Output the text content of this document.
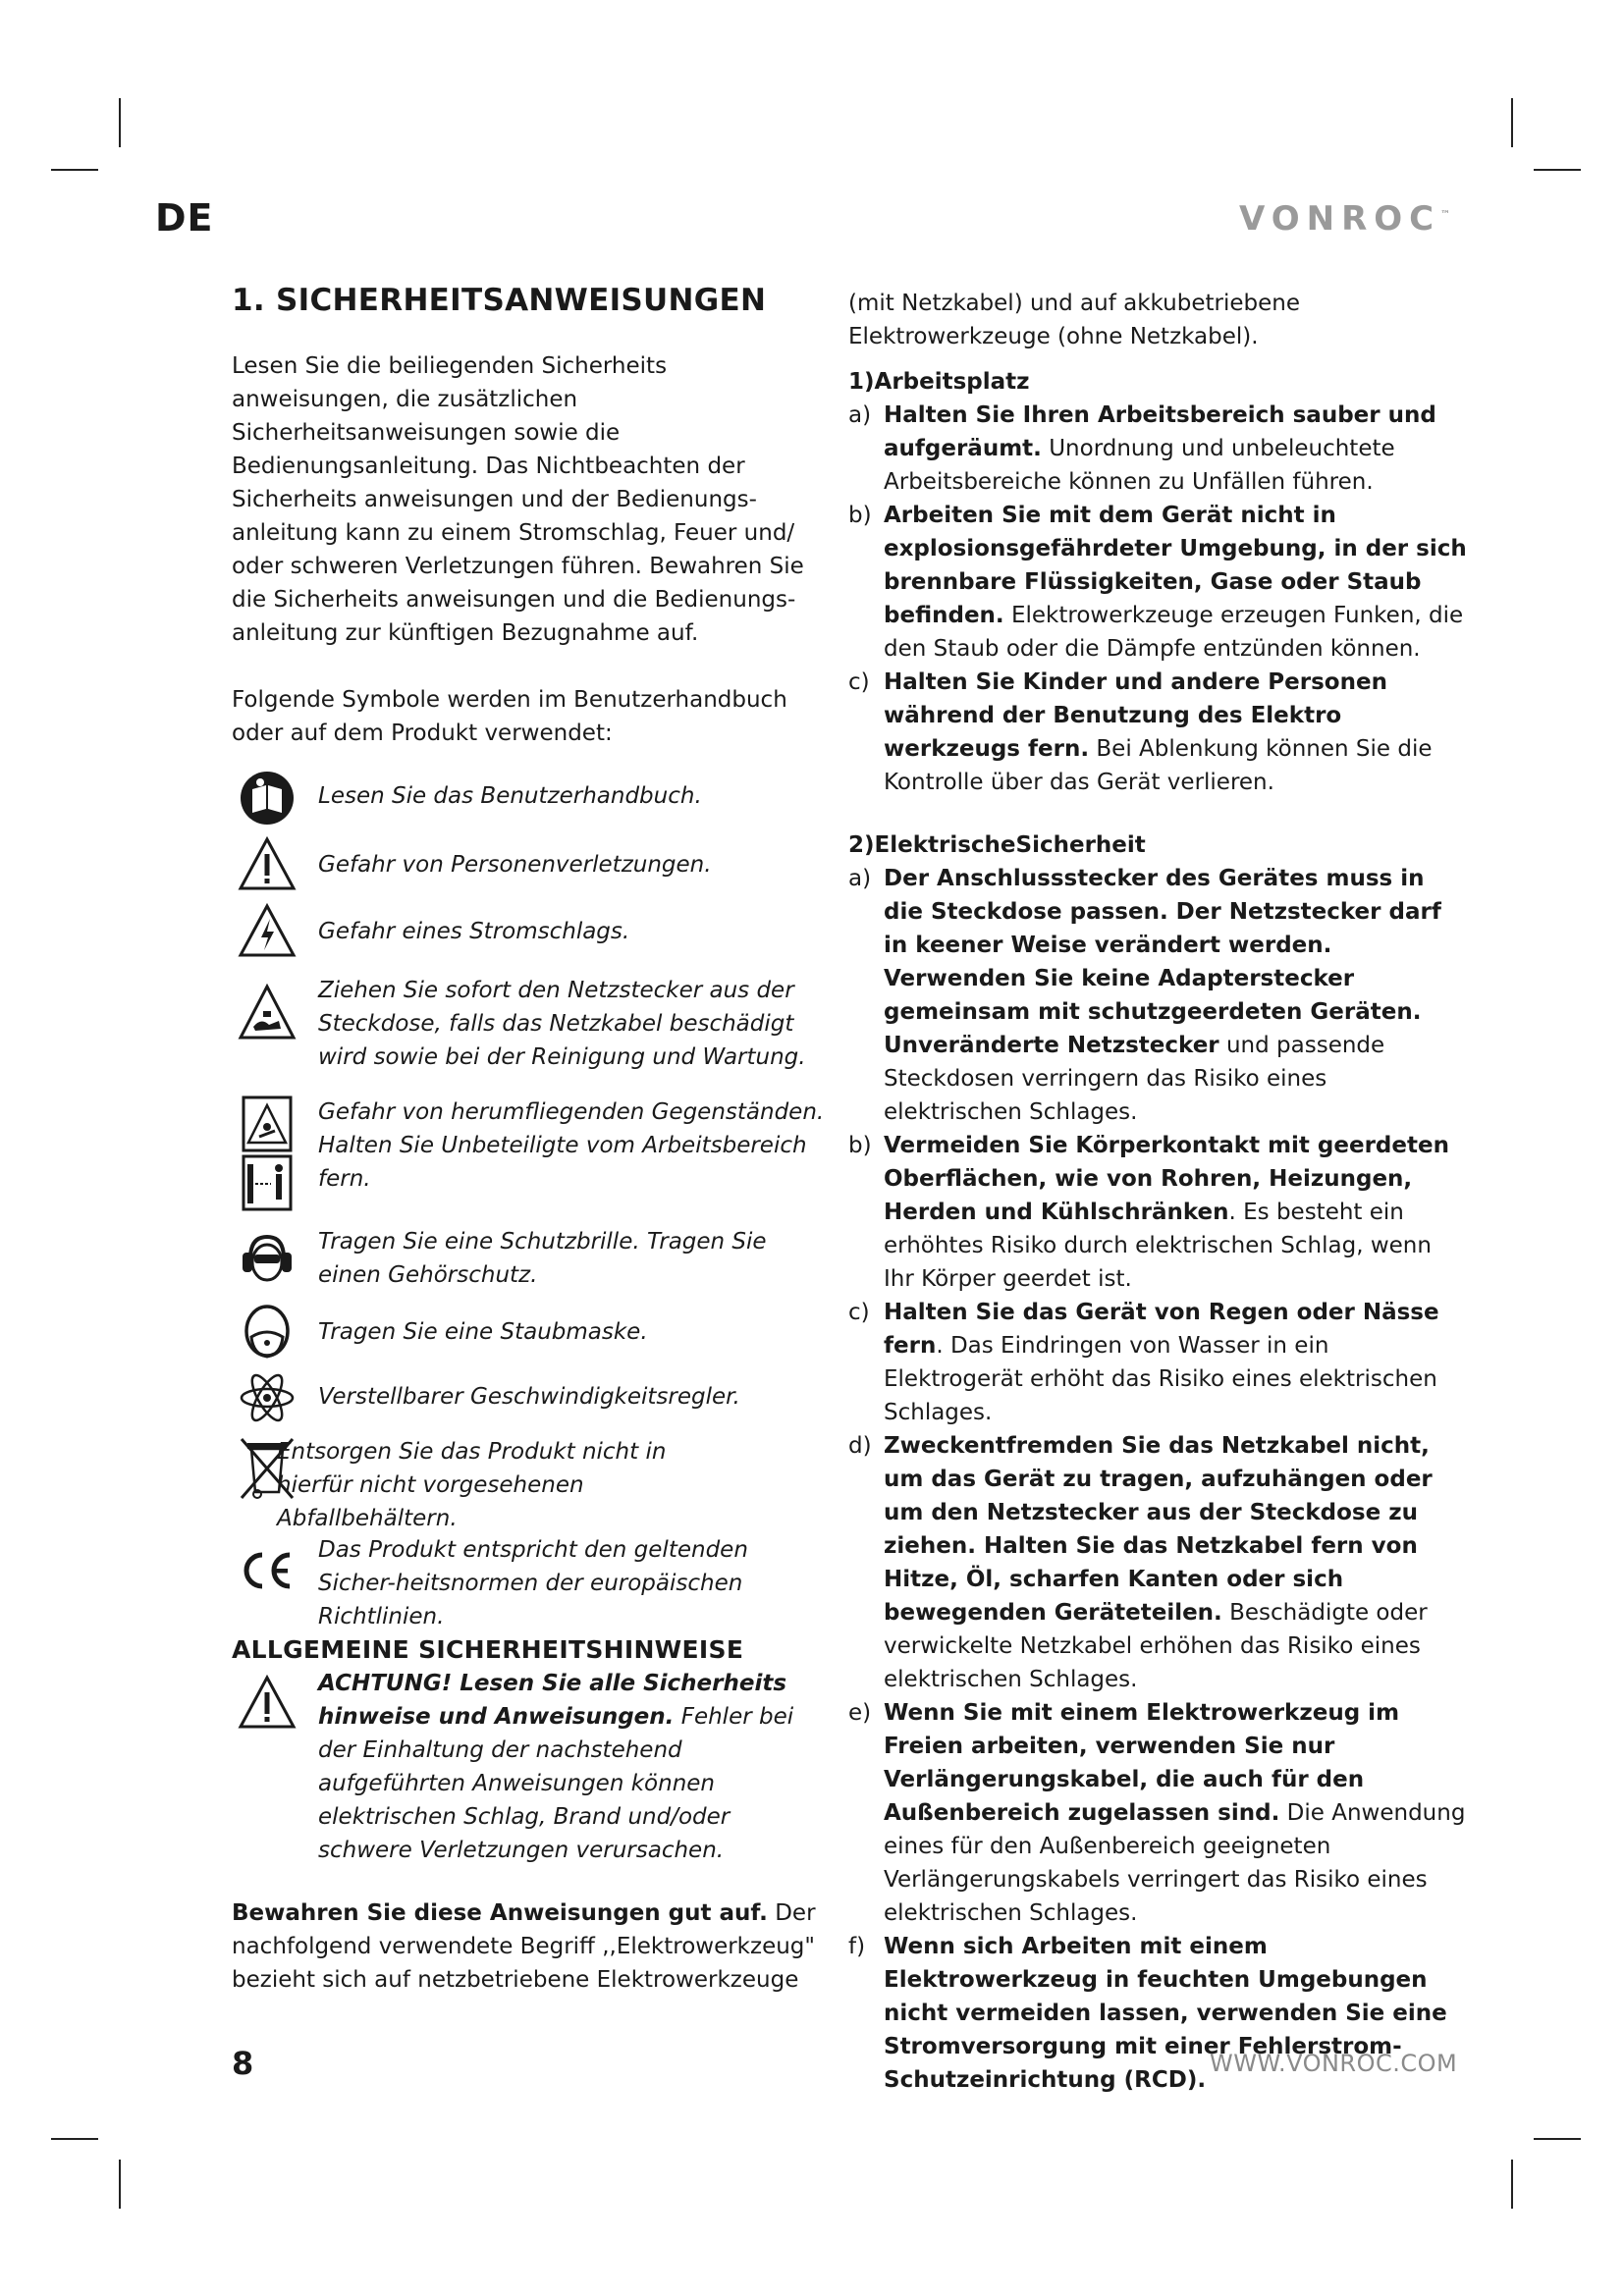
DE	VONROC™
1. SICHERHEITSANWEISUNGEN

Lesen Sie die beiliegenden Sicherheits anweisungen, die zusätzlichen Sicherheitsanweisungen sowie die Bedienungsanleitung. Das Nichtbeachten der Sicherheits anweisungen und der Bedienungs-anleitung kann zu einem Stromschlag, Feuer und/ oder schweren Verletzungen führen. Bewahren Sie die Sicherheits anweisungen und die Bedienungs-anleitung zur künftigen Bezugnahme auf.

Folgende Symbole werden im Benutzerhandbuch oder auf dem Produkt verwendet:

Lesen Sie das Benutzerhandbuch.
Gefahr von Personenverletzungen.
Gefahr eines Stromschlags.
Ziehen Sie sofort den Netzstecker aus der Steckdose, falls das Netzkabel beschädigt wird sowie bei der Reinigung und Wartung.
Gefahr von herumfliegenden Gegenständen. Halten Sie Unbeteiligte vom Arbeitsbereich fern.
Tragen Sie eine Schutzbrille. Tragen Sie einen Gehörschutz.
Tragen Sie eine Staubmaske.
Verstellbarer Geschwindigkeitsregler.
Entsorgen Sie das Produkt nicht in hierfür nicht vorgesehenen Abfallbehältern.
Das Produkt entspricht den geltenden Sicher-heitsnormen der europäischen Richtlinien.
ALLGEMEINE SICHERHEITSHINWEISE
ACHTUNG! Lesen Sie alle Sicherheits hinweise und Anweisungen. Fehler bei der Einhaltung der nachstehend aufgeführten Anweisungen können elektrischen Schlag, Brand und/oder schwere Verletzungen verursachen.

Bewahren Sie diese Anweisungen gut auf. Der nachfolgend verwendete Begriff ,,Elektrowerkzeug" bezieht sich auf netzbetriebene Elektrowerkzeuge

(mit Netzkabel) und auf akkubetriebene Elektrowerkzeuge (ohne Netzkabel).

1)Arbeitsplatz

a) Halten Sie Ihren Arbeitsbereich sauber und aufgeräumt. Unordnung und unbeleuchtete Arbeitsbereiche können zu Unfällen führen.
b) Arbeiten Sie mit dem Gerät nicht in explosionsgefährdeter Umgebung, in der sich brennbare Flüssigkeiten, Gase oder Staub befinden. Elektrowerkzeuge erzeugen Funken, die den Staub oder die Dämpfe entzünden können.
c) Halten Sie Kinder und andere Personen während der Benutzung des Elektro werkzeugs fern. Bei Ablenkung können Sie die Kontrolle über das Gerät verlieren.

2)ElektrischeSicherheit

a) Der Anschlussstecker des Gerätes muss in die Steckdose passen. Der Netzstecker darf in keener Weise verändert werden. Verwenden Sie keine Adapterstecker gemeinsam mit schutzgeerdeten Geräten. Unveränderte Netzstecker und passende Steckdosen verringern das Risiko eines elektrischen Schlages.
b) Vermeiden Sie Körperkontakt mit geerdeten Oberflächen, wie von Rohren, Heizungen, Herden und Kühlschränken. Es besteht ein erhöhtes Risiko durch elektrischen Schlag, wenn Ihr Körper geerdet ist.
c) Halten Sie das Gerät von Regen oder Nässe fern. Das Eindringen von Wasser in ein Elektrogerät erhöht das Risiko eines elektrischen Schlages.
d) Zweckentfremden Sie das Netzkabel nicht, um das Gerät zu tragen, aufzuhängen oder um den Netzstecker aus der Steckdose zu ziehen. Halten Sie das Netzkabel fern von Hitze, Öl, scharfen Kanten oder sich bewegenden Geräteteilen. Beschädigte oder verwickelte Netzkabel erhöhen das Risiko eines elektrischen Schlages.
e) Wenn Sie mit einem Elektrowerkzeug im Freien arbeiten, verwenden Sie nur Verlängerungskabel, die auch für den Außenbereich zugelassen sind. Die Anwendung eines für den Außenbereich geeigneten Verlängerungskabels verringert das Risiko eines elektrischen Schlages.
f) Wenn sich Arbeiten mit einem Elektrowerkzeug in feuchten Umgebungen nicht vermeiden lassen, verwenden Sie eine Stromversorgung mit einer Fehlerstrom-Schutzeinrichtung (RCD).
8	WWW.VONROC.COM
